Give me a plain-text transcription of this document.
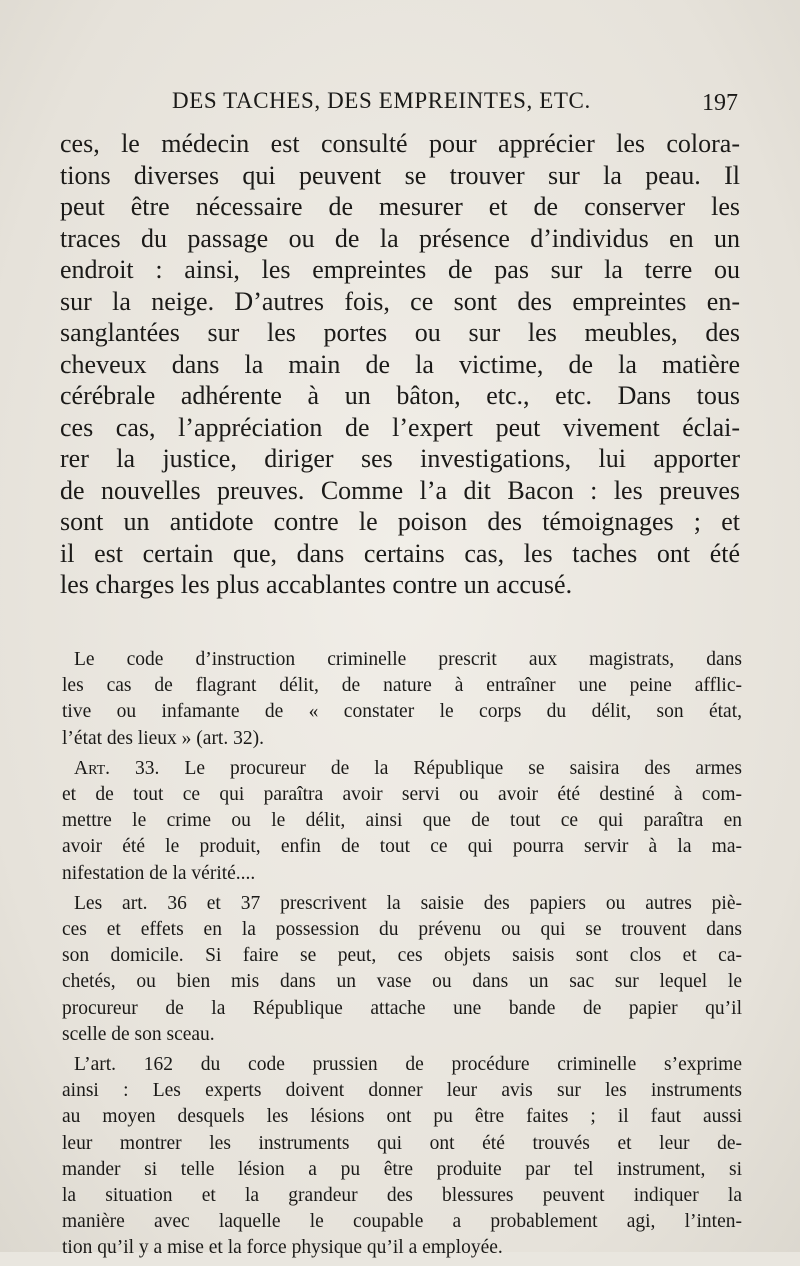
DES TACHES, DES EMPREINTES, ETC.	197
ces, le médecin est consulté pour apprécier les colora-
tions diverses qui peuvent se trouver sur la peau. Il
peut être nécessaire de mesurer et de conserver les
traces du passage ou de la présence d’individus en un
endroit : ainsi, les empreintes de pas sur la terre ou
sur la neige. D’autres fois, ce sont des empreintes en-
sanglantées sur les portes ou sur les meubles, des
cheveux dans la main de la victime, de la matière
cérébrale adhérente à un bâton, etc., etc. Dans tous
ces cas, l’appréciation de l’expert peut vivement éclai-
rer la justice, diriger ses investigations, lui apporter
de nouvelles preuves. Comme l’a dit Bacon : les preuves
sont un antidote contre le poison des témoignages ; et
il est certain que, dans certains cas, les taches ont été
les charges les plus accablantes contre un accusé.
Le code d’instruction criminelle prescrit aux magistrats, dans
les cas de flagrant délit, de nature à entraîner une peine afflic-
tive ou infamante de « constater le corps du délit, son état,
l’état des lieux » (art. 32).
Art. 33. Le procureur de la République se saisira des armes
et de tout ce qui paraîtra avoir servi ou avoir été destiné à com-
mettre le crime ou le délit, ainsi que de tout ce qui paraîtra en
avoir été le produit, enfin de tout ce qui pourra servir à la ma-
nifestation de la vérité....
Les art. 36 et 37 prescrivent la saisie des papiers ou autres piè-
ces et effets en la possession du prévenu ou qui se trouvent dans
son domicile. Si faire se peut, ces objets saisis sont clos et ca-
chetés, ou bien mis dans un vase ou dans un sac sur lequel le
procureur de la République attache une bande de papier qu’il
scelle de son sceau.
L’art. 162 du code prussien de procédure criminelle s’exprime
ainsi : Les experts doivent donner leur avis sur les instruments
au moyen desquels les lésions ont pu être faites ; il faut aussi
leur montrer les instruments qui ont été trouvés et leur de-
mander si telle lésion a pu être produite par tel instrument, si
la situation et la grandeur des blessures peuvent indiquer la
manière avec laquelle le coupable a probablement agi, l’inten-
tion qu’il y a mise et la force physique qu’il a employée.
